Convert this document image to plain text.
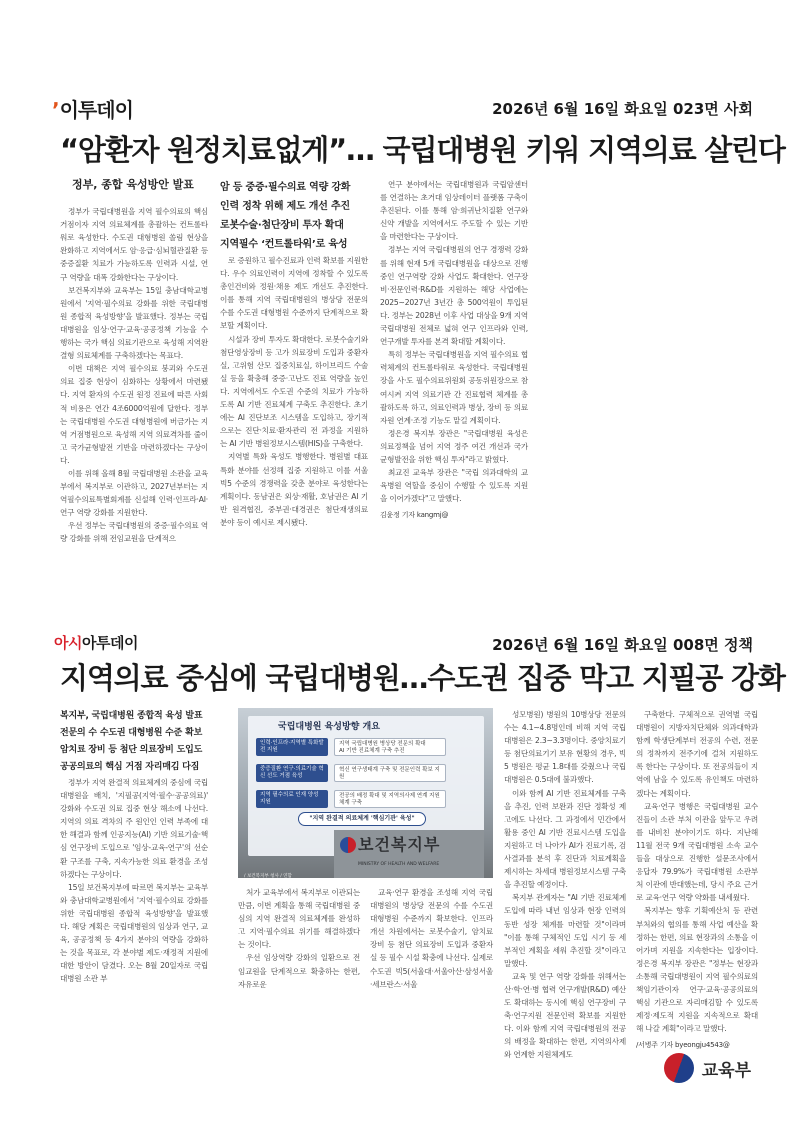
ʼ이투데이	2026년 6월 16일 화요일 023면 사회
“암환자 원정치료없게”… 국립대병원 키워 지역의료 살린다
정부, 종합 육성방안 발표

정부가 국립대병원을 지역 필수의료의 핵심 거점이자 지역 의료체계를 총괄하는 컨트롤타워로 육성한다. 수도권 대형병원 쏠림 현상을 완화하고 지역에서도 암·응급·심뇌혈관질환 등 중증질환 치료가 가능하도록 인력과 시설, 연구 역량을 대폭 강화한다는 구상이다.

보건복지부와 교육부는 15일 충남대학교병원에서 '지역·필수의료 강화를 위한 국립대병원 종합적 육성방향'을 발표했다. 정부는 국립대병원을 임상·연구·교육·공공정책 기능을 수행하는 국가 핵심 의료기관으로 육성해 지역완결형 의료체계를 구축하겠다는 목표다.

이번 대책은 지역 필수의료 붕괴와 수도권 의료 집중 현상이 심화하는 상황에서 마련됐다. 지역 환자의 수도권 원정 진료에 따른 사회적 비용은 연간 4조6000억원에 달한다. 정부는 국립대병원 수도권 대형병원에 버금가는 지역 거점병원으로 육성해 지역 의료격차를 줄이고 국가균형발전 기반을 마련하겠다는 구상이다.

이를 위해 올해 8월 국립대병원 소관을 교육부에서 복지부로 이관하고, 2027년부터는 지역필수의료특별회계를 신설해 인력·인프라·AI·연구 역량 강화를 지원한다.

우선 정부는 국립대병원의 중증·필수의료 역량 강화를 위해 전임교원을 단계적으

암 등 중증·필수의료 역량 강화
인력 정착 위해 제도 개선 추진
로봇수술·첨단장비 투자 확대
지역필수 ‘컨트롤타워’로 육성

로 증원하고 필수진료과 인력 확보를 지원한다. 우수 의료인력이 지역에 정착할 수 있도록 총인건비와 정원·채용 제도 개선도 추진한다. 이를 통해 지역 국립대병원의 병상당 전문의 수를 수도권 대형병원 수준까지 단계적으로 확보할 계획이다.

시설과 장비 투자도 확대한다. 로봇수술기와 첨단영상장비 등 고가 의료장비 도입과 중환자실, 고위험 산모 집중치료실, 하이브리드 수술실 등을 확충해 중증·고난도 진료 역량을 높인다. 지역에서도 수도권 수준의 치료가 가능하도록 AI 기반 진료체계 구축도 추진한다. 초기에는 AI 진단보조 시스템을 도입하고, 장기적으로는 진단·치료·환자관리 전 과정을 지원하는 AI 기반 병원정보시스템(HIS)을 구축한다.

지역별 특화 육성도 병행한다. 병원별 대표 특화 분야를 선정해 집중 지원하고 이를 서울 빅5 수준의 경쟁력을 갖춘 분야로 육성한다는 계획이다. 동남권은 외상·재활, 호남권은 AI 기반 원격협진, 중부권·대경권은 첨단재생의료 분야 등이 예시로 제시됐다.

연구 분야에서는 국립대병원과 국립암센터를 연결하는 초거대 임상데이터 플랫폼 구축이 추진된다. 이를 통해 암·희귀난치질환 연구와 신약 개발을 지역에서도 주도할 수 있는 기반을 마련한다는 구상이다.

정부는 지역 국립대병원의 연구 경쟁력 강화를 위해 현재 5개 국립대병원을 대상으로 진행 중인 연구역량 강화 사업도 확대한다. 연구장비·전문인력·R&D를 지원하는 해당 사업에는 2025~2027년 3년간 총 500억원이 투입된다. 정부는 2028년 이후 사업 대상을 9개 지역 국립대병원 전체로 넓혀 연구 인프라와 인력, 연구개발 투자를 본격 확대할 계획이다.

특히 정부는 국립대병원을 지역 필수의료 협력체계의 컨트롤타워로 육성한다. 국립대병원장을 사·도 필수의료위원회 공동위원장으로 참여시켜 지역 의료기관 간 진료협력 체계를 총괄하도록 하고, 의료인력과 병상, 장비 등 의료자원 연계·조정 기능도 맡길 계획이다.

정은경 복지부 장관은 "국립대병원 육성은 의료정책을 넘어 지역 정주 여건 개선과 국가균형발전을 위한 핵심 투자"라고 밝혔다.

최교진 교육부 장관은 "국립 의과대학의 교육병원 역할을 중심이 수행할 수 있도록 지원을 이어가겠다"고 말했다.

김윤정 기자 kangmj@

아시아투데이	2026년 6월 16일 화요일 008면 정책
지역의료 중심에 국립대병원…수도권 집중 막고 지필공 강화

복지부, 국립대병원 종합적 육성 발표
전문의 수 수도권 대형병원 수준 확보
암치료 장비 등 첨단 의료장비 도입도
공공의료의 핵심 거점 자리매김 다짐

정부가 지역 완결적 의료체계의 중심에 국립대병원을 배치, '지필공(지역·필수·공공의료)' 강화와 수도권 의료 집중 현상 해소에 나선다. 지역의 의료 격차의 주 원인인 인력 부족에 대한 해결과 함께 인공지능(AI) 기반 의료기술·핵심 연구장비 도입으로 '임상-교육-연구'의 선순환 구조를 구축, 지속가능한 의료 환경을 조성하겠다는 구상이다.

15일 보건복지부에 따르면 복지부는 교육부와 충남대학교병원에서 '지역·필수의료 강화를 위한 국립대병원 종합적 육성방향'을 발표했다. 해당 계획은 국립대병원의 임상과 연구, 교육, 공공정책 등 4가지 분야의 역량을 강화하는 것을 목표로, 각 분야별 제도·재정적 지원에 대한 방안이 담겼다. 오는 8월 20일자로 국립대병원 소관 부

국립대병원 육성방향 개요
인력·인프라·지역별 특화발전 지원
지역 국립대병원 병상당 전문의 확대
AI 기반 진료체계 구축 추진
중증질환 연구·의료기술 혁신 선도 거점 육성
혁신 연구생태계 구축 및 전문인력 확보 지원
지역 필수의료 인재 양성 지원
전공의 배정 확대 및 지역의사제 연계 지원체계 구축
"지역 완결적 의료체계 '핵심기관' 육성"
보건복지부
MINISTRY OF HEALTH AND WELFARE
/ 보건복지부 청사 / 연합

처가 교육부에서 복지부로 이관되는 만큼, 이번 계획을 통해 국립대병원 중심의 지역 완결적 의료체계를 완성하고 지역·필수의료 위기를 해결하겠다는 것이다.

우선 임상역량 강화의 일환으로 전임교원을 단계적으로 확충하는 한편, 자유로운

교육·연구 환경을 조성해 지역 국립대병원의 병상당 전문의 수를 수도권 대형병원 수준까지 확보한다. 인프라 개선 차원에서는 로봇수술기, 암치료 장비 등 첨단 의료장비 도입과 중환자실 등 필수 시설 확충에 나선다. 실제로 수도권 빅5(서울대·서울아산·삼성서울·세브란스·서울

성모병원) 병원의 10병상당 전문의 수는 4.1~4.8명인데 비해 지역 국립대병원은 2.3~3.3명이다. 중앙치료기 등 첨단의료기기 보유 현황의 경우, 빅5 병원은 평균 1.8대를 갖췄으나 국립대병원은 0.5대에 불과했다.

이와 함께 AI 기반 진료체계를 구축을 추진, 인력 보완과 진단 정확성 제고에도 나선다. 그 과정에서 민간에서 활용 중인 AI 기반 진료시스템 도입을 지원하고 더 나아가 AI가 진료기록, 검사결과를 분석 후 진단과 치료계획을 제시하는 차세대 병원정보시스템 구축을 추진할 예정이다.

복지부 관계자는 "AI 기반 진료체계 도입에 따라 내년 임상과 현장 인력의 동반 성장 체계를 마련할 것"이라며 "이를 통해 구체적인 도입 시기 등 세부적인 계획을 세워 추진할 것"이라고 말했다.

교육 및 연구 역량 강화를 위해서는 산·학·연·병 협력 연구개발(R&D) 예산도 확대하는 동시에 핵심 연구장비 구축·연구지원 전문인력 확보를 지원한다. 이와 함께 지역 국립대병원의 전공의 배정을 확대하는 한편, 지역의사제와 연계한 지원체계도

구축한다. 구체적으로 권역별 국립대병원이 지방자치단체와 의과대학과 함께 학생단계부터 전공의 수련, 전문의 정착까지 전주기에 걸쳐 지원하도록 한다는 구상이다. 또 전공의들이 지역에 남을 수 있도록 유인책도 마련하겠다는 계획이다.

교육·연구 병행은 국립대병원 교수진들이 소관 부처 이관을 앞두고 우려를 내비친 분야이기도 하다. 지난해 11월 전국 9개 국립대병원 소속 교수들을 대상으로 진행한 설문조사에서 응답자 79.9%가 국립대병원 소관부처 이관에 반대했는데, 당시 주요 근거로 교육·연구 역량 약화를 내세웠다.

복지부는 향후 기획예산처 등 관련 부처와의 협의를 통해 사업 예산을 확정하는 한편, 의료 현장과의 소통을 이어가며 지원을 지속한다는 입장이다. 정은경 복지부 장관은 "정부는 현장과 소통해 국립대병원이 지역 필수의료의 책임기관이자 연구·교육·공공의료의 핵심 기관으로 자리매김할 수 있도록 제정·제도적 지원을 지속적으로 확대해 나갈 계획"이라고 말했다.

/서병주 기자 byeongju4543@

교육부
